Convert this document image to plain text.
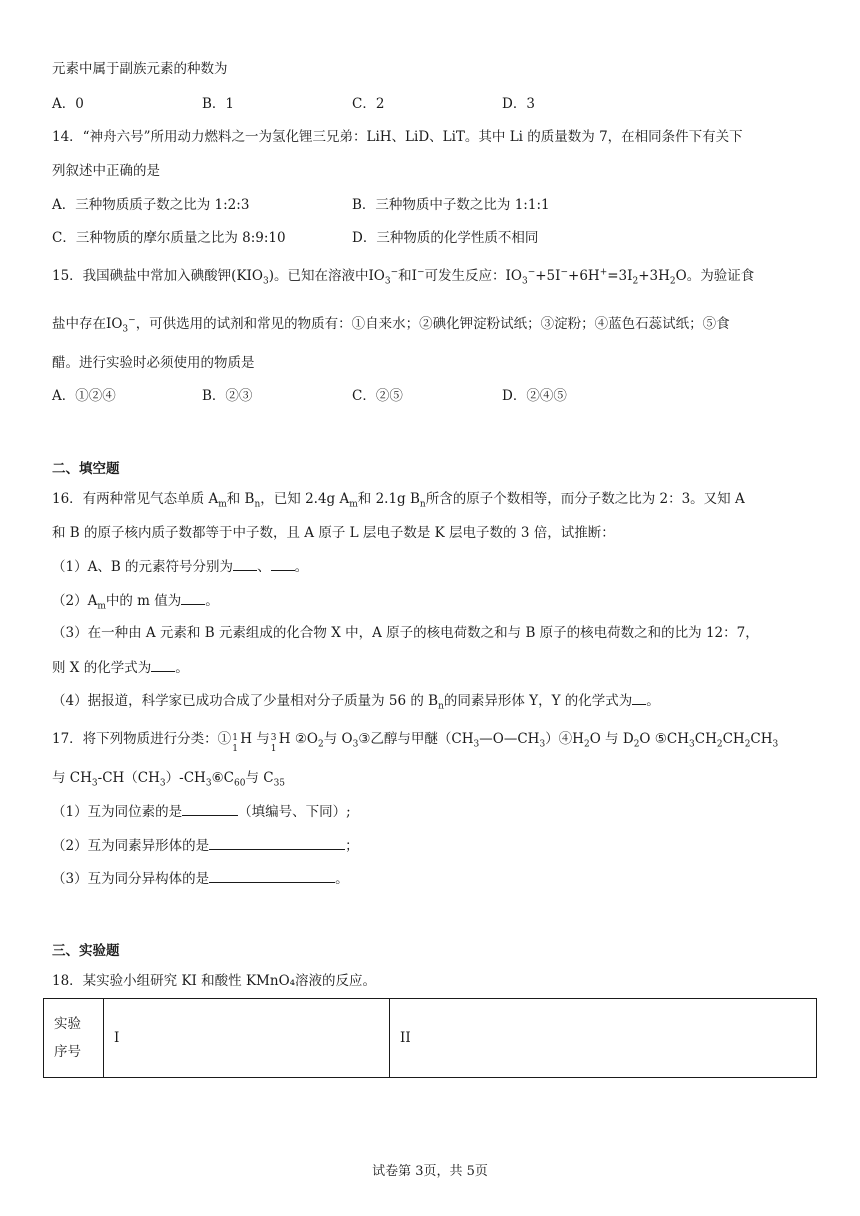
元素中属于副族元素的种数为
A．0	B．1	C．2	D．3
14．“神舟六号”所用动力燃料之一为氢化锂三兄弟：LiH、LiD、LiT。其中 Li 的质量数为 7，在相同条件下有关下
列叙述中正确的是
A．三种物质质子数之比为 1:2:3	B．三种物质中子数之比为 1:1:1
C．三种物质的摩尔质量之比为 8:9:10	D．三种物质的化学性质不相同
15．我国碘盐中常加入碘酸钾$(KIO_3)$。已知在溶液中$IO_3^-$和I−可发生反应：$IO_3^-+5I^-+6H^+=3I_2+3H_2O$。为验证食
盐中存在$IO_3^-$，可供选用的试剂和常见的物质有：①自来水；②碘化钾淀粉试纸；③淀粉；④蓝色石蕊试纸；⑤食
醋。进行实验时必须使用的物质是
A．①②④	B．②③	C．②⑤	D．②④⑤
二、填空题
16．有两种常见气态单质 $A_m$和 $B_n$，已知 2.4g $A_m$和 2.1g $B_n$所含的原子个数相等，而分子数之比为 2：3。又知 A
和 B 的原子核内质子数都等于中子数，且 A 原子 L 层电子数是 K 层电子数的 3 倍，试推断：
（1）A、B 的元素符号分别为 、 。
$(2)A_m$中的 m 值为 。
（3）在一种由 A 元素和 B 元素组成的化合物 X 中，A 原子的核电荷数之和与 B 原子的核电荷数之和的比为 12：7，
则 X 的化学式为 。
（4）据报道，科学家已成功合成了少量相对分子质量为 56 的 $B_n$的同素异形体 Y，Y 的化学式为 。
17．将下列物质进行分类：① 1
1
H 与 3
1
H $②O_2$与 $O_3③$乙醇与甲醚$(CH_3—O—CH_3)④H_2O$ 与 $D_2O$ $⑤CH_3CH_2CH_2CH_3$
与 $CH_3-CH(CH_3)-CH_3⑥C_{60}$与 $C_{35}$
（1）互为同位素的是	（填编号、下同）;
（2）互为同素异形体的是	；
（3）互为同分异构体的是	。
三、实验题
18．某实验小组研究 KI 和酸性 KMnO₄溶液的反应。
实验
序号
	I	II
试卷第 3页，共 5页
